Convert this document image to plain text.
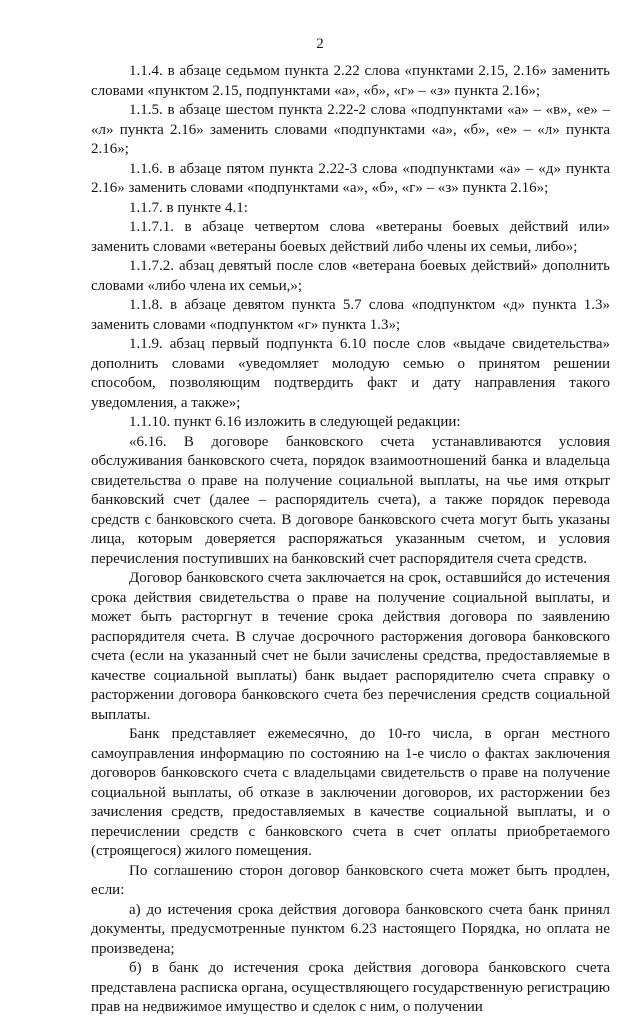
2

1.1.4. в абзаце седьмом пункта 2.22 слова «пунктами 2.15, 2.16» заменить словами «пунктом 2.15, подпунктами «а», «б», «г» – «з» пункта 2.16»;

1.1.5. в абзаце шестом пункта 2.22-2 слова «подпунктами «а» – «в», «е» – «л» пункта 2.16» заменить словами «подпунктами «а», «б», «е» – «л» пункта 2.16»;

1.1.6. в абзаце пятом пункта 2.22-3 слова «подпунктами «а» – «д» пункта 2.16» заменить словами «подпунктами «а», «б», «г» – «з» пункта 2.16»;

1.1.7. в пункте 4.1:

1.1.7.1. в абзаце четвертом слова «ветераны боевых действий или» заменить словами «ветераны боевых действий либо члены их семьи, либо»;

1.1.7.2. абзац девятый после слов «ветерана боевых действий» дополнить словами «либо члена их семьи,»;

1.1.8. в абзаце девятом пункта 5.7 слова «подпунктом «д» пункта 1.3» заменить словами «подпунктом «г» пункта 1.3»;

1.1.9. абзац первый подпункта 6.10 после слов «выдаче свидетельства» дополнить словами «уведомляет молодую семью о принятом решении способом, позволяющим подтвердить факт и дату направления такого уведомления, а также»;

1.1.10. пункт 6.16 изложить в следующей редакции:

«6.16. В договоре банковского счета устанавливаются условия обслуживания банковского счета, порядок взаимоотношений банка и владельца свидетельства о праве на получение социальной выплаты, на чье имя открыт банковский счет (далее – распорядитель счета), а также порядок перевода средств с банковского счета. В договоре банковского счета могут быть указаны лица, которым доверяется распоряжаться указанным счетом, и условия перечисления поступивших на банковский счет распорядителя счета средств.

Договор банковского счета заключается на срок, оставшийся до истечения срока действия свидетельства о праве на получение социальной выплаты, и может быть расторгнут в течение срока действия договора по заявлению распорядителя счета. В случае досрочного расторжения договора банковского счета (если на указанный счет не были зачислены средства, предоставляемые в качестве социальной выплаты) банк выдает распорядителю счета справку о расторжении договора банковского счета без перечисления средств социальной выплаты.

Банк представляет ежемесячно, до 10-го числа, в орган местного самоуправления информацию по состоянию на 1-е число о фактах заключения договоров банковского счета с владельцами свидетельств о праве на получение социальной выплаты, об отказе в заключении договоров, их расторжении без зачисления средств, предоставляемых в качестве социальной выплаты, и о перечислении средств с банковского счета в счет оплаты приобретаемого (строящегося) жилого помещения.

По соглашению сторон договор банковского счета может быть продлен, если:

а) до истечения срока действия договора банковского счета банк принял документы, предусмотренные пунктом 6.23 настоящего Порядка, но оплата не произведена;

б) в банк до истечения срока действия договора банковского счета представлена расписка органа, осуществляющего государственную регистрацию прав на недвижимое имущество и сделок с ним, о получении
